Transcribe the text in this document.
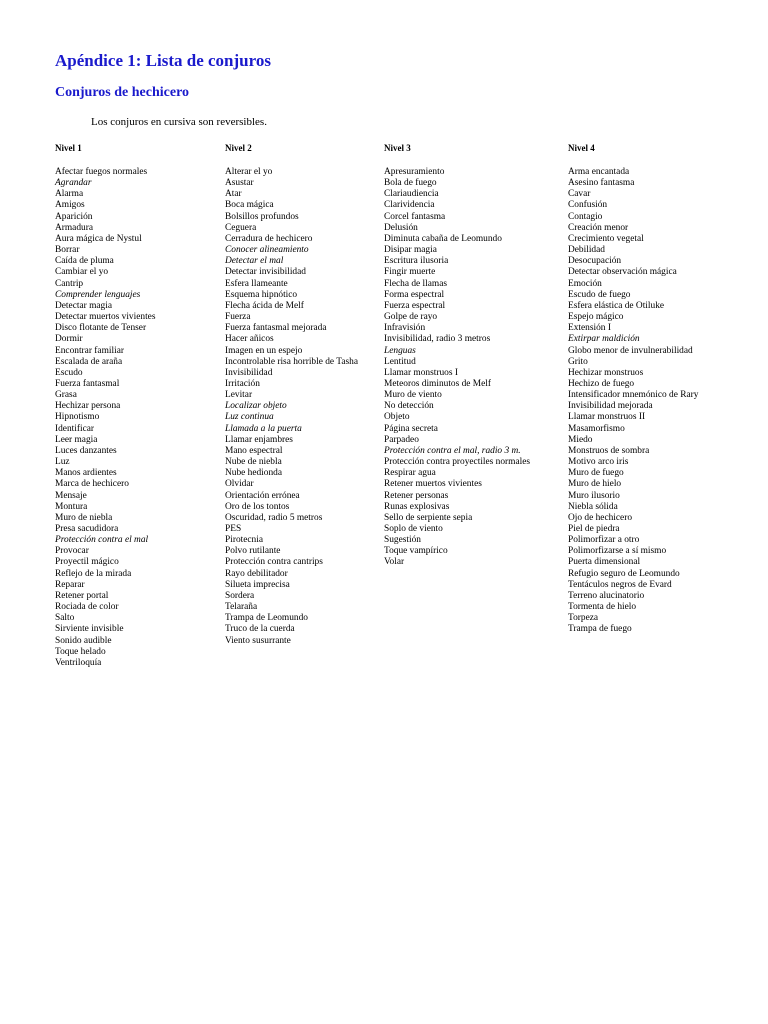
Apéndice 1: Lista de conjuros
Conjuros de hechicero

Los conjuros en cursiva son reversibles.

Nivel 1
Afectar fuegos normales
Agrandar
Alarma
Amigos
Aparición
Armadura
Aura mágica de Nystul
Borrar
Caída de pluma
Cambiar el yo
Cantrip
Comprender lenguajes
Detectar magia
Detectar muertos vivientes
Disco flotante de Tenser
Dormir
Encontrar familiar
Escalada de araña
Escudo
Fuerza fantasmal
Grasa
Hechizar persona
Hipnotismo
Identificar
Leer magia
Luces danzantes
Luz
Manos ardientes
Marca de hechicero
Mensaje
Montura
Muro de niebla
Presa sacudidora
Protección contra el mal
Provocar
Proyectil mágico
Reflejo de la mirada
Reparar
Retener portal
Rociada de color
Salto
Sirviente invisible
Sonido audible
Toque helado
Ventriloquía
Nivel 2
Alterar el yo
Asustar
Atar
Boca mágica
Bolsillos profundos
Ceguera
Cerradura de hechicero
Conocer alineamiento
Detectar el mal
Detectar invisibilidad
Esfera llameante
Esquema hipnótico
Flecha ácida de Melf
Fuerza
Fuerza fantasmal mejorada
Hacer añicos
Imagen en un espejo
Incontrolable risa horrible de Tasha
Invisibilidad
Irritación
Levitar
Localizar objeto
Luz continua
Llamada a la puerta
Llamar enjambres
Mano espectral
Nube de niebla
Nube hedionda
Olvidar
Orientación errónea
Oro de los tontos
Oscuridad, radio 5 metros
PES
Pirotecnia
Polvo rutilante
Protección contra cantrips
Rayo debilitador
Silueta imprecisa
Sordera
Telaraña
Trampa de Leomundo
Truco de la cuerda
Viento susurrante
Nivel 3
Apresuramiento
Bola de fuego
Clariaudiencia
Clarividencia
Corcel fantasma
Delusión
Diminuta cabaña de Leomundo
Disipar magia
Escritura ilusoria
Fingir muerte
Flecha de llamas
Forma espectral
Fuerza espectral
Golpe de rayo
Infravisión
Invisibilidad, radio 3 metros
Lenguas
Lentitud
Llamar monstruos I
Meteoros diminutos de Melf
Muro de viento
No detección
Objeto
Página secreta
Parpadeo
Protección contra el mal, radio 3 m.
Protección contra proyectiles normales
Respirar agua
Retener muertos vivientes
Retener personas
Runas explosivas
Sello de serpiente sepia
Soplo de viento
Sugestión
Toque vampírico
Volar
Nivel 4
Arma encantada
Asesino fantasma
Cavar
Confusión
Contagio
Creación menor
Crecimiento vegetal
Debilidad
Desocupación
Detectar observación mágica
Emoción
Escudo de fuego
Esfera elástica de Otiluke
Espejo mágico
Extensión I
Extirpar maldición
Globo menor de invulnerabilidad
Grito
Hechizar monstruos
Hechizo de fuego
Intensificador mnemónico de Rary
Invisibilidad mejorada
Llamar monstruos II
Masamorfismo
Miedo
Monstruos de sombra
Motivo arco iris
Muro de fuego
Muro de hielo
Muro ilusorio
Niebla sólida
Ojo de hechicero
Piel de piedra
Polimorfizar a otro
Polimorfizarse a sí mismo
Puerta dimensional
Refugio seguro de Leomundo
Tentáculos negros de Evard
Terreno alucinatorio
Tormenta de hielo
Torpeza
Trampa de fuego
